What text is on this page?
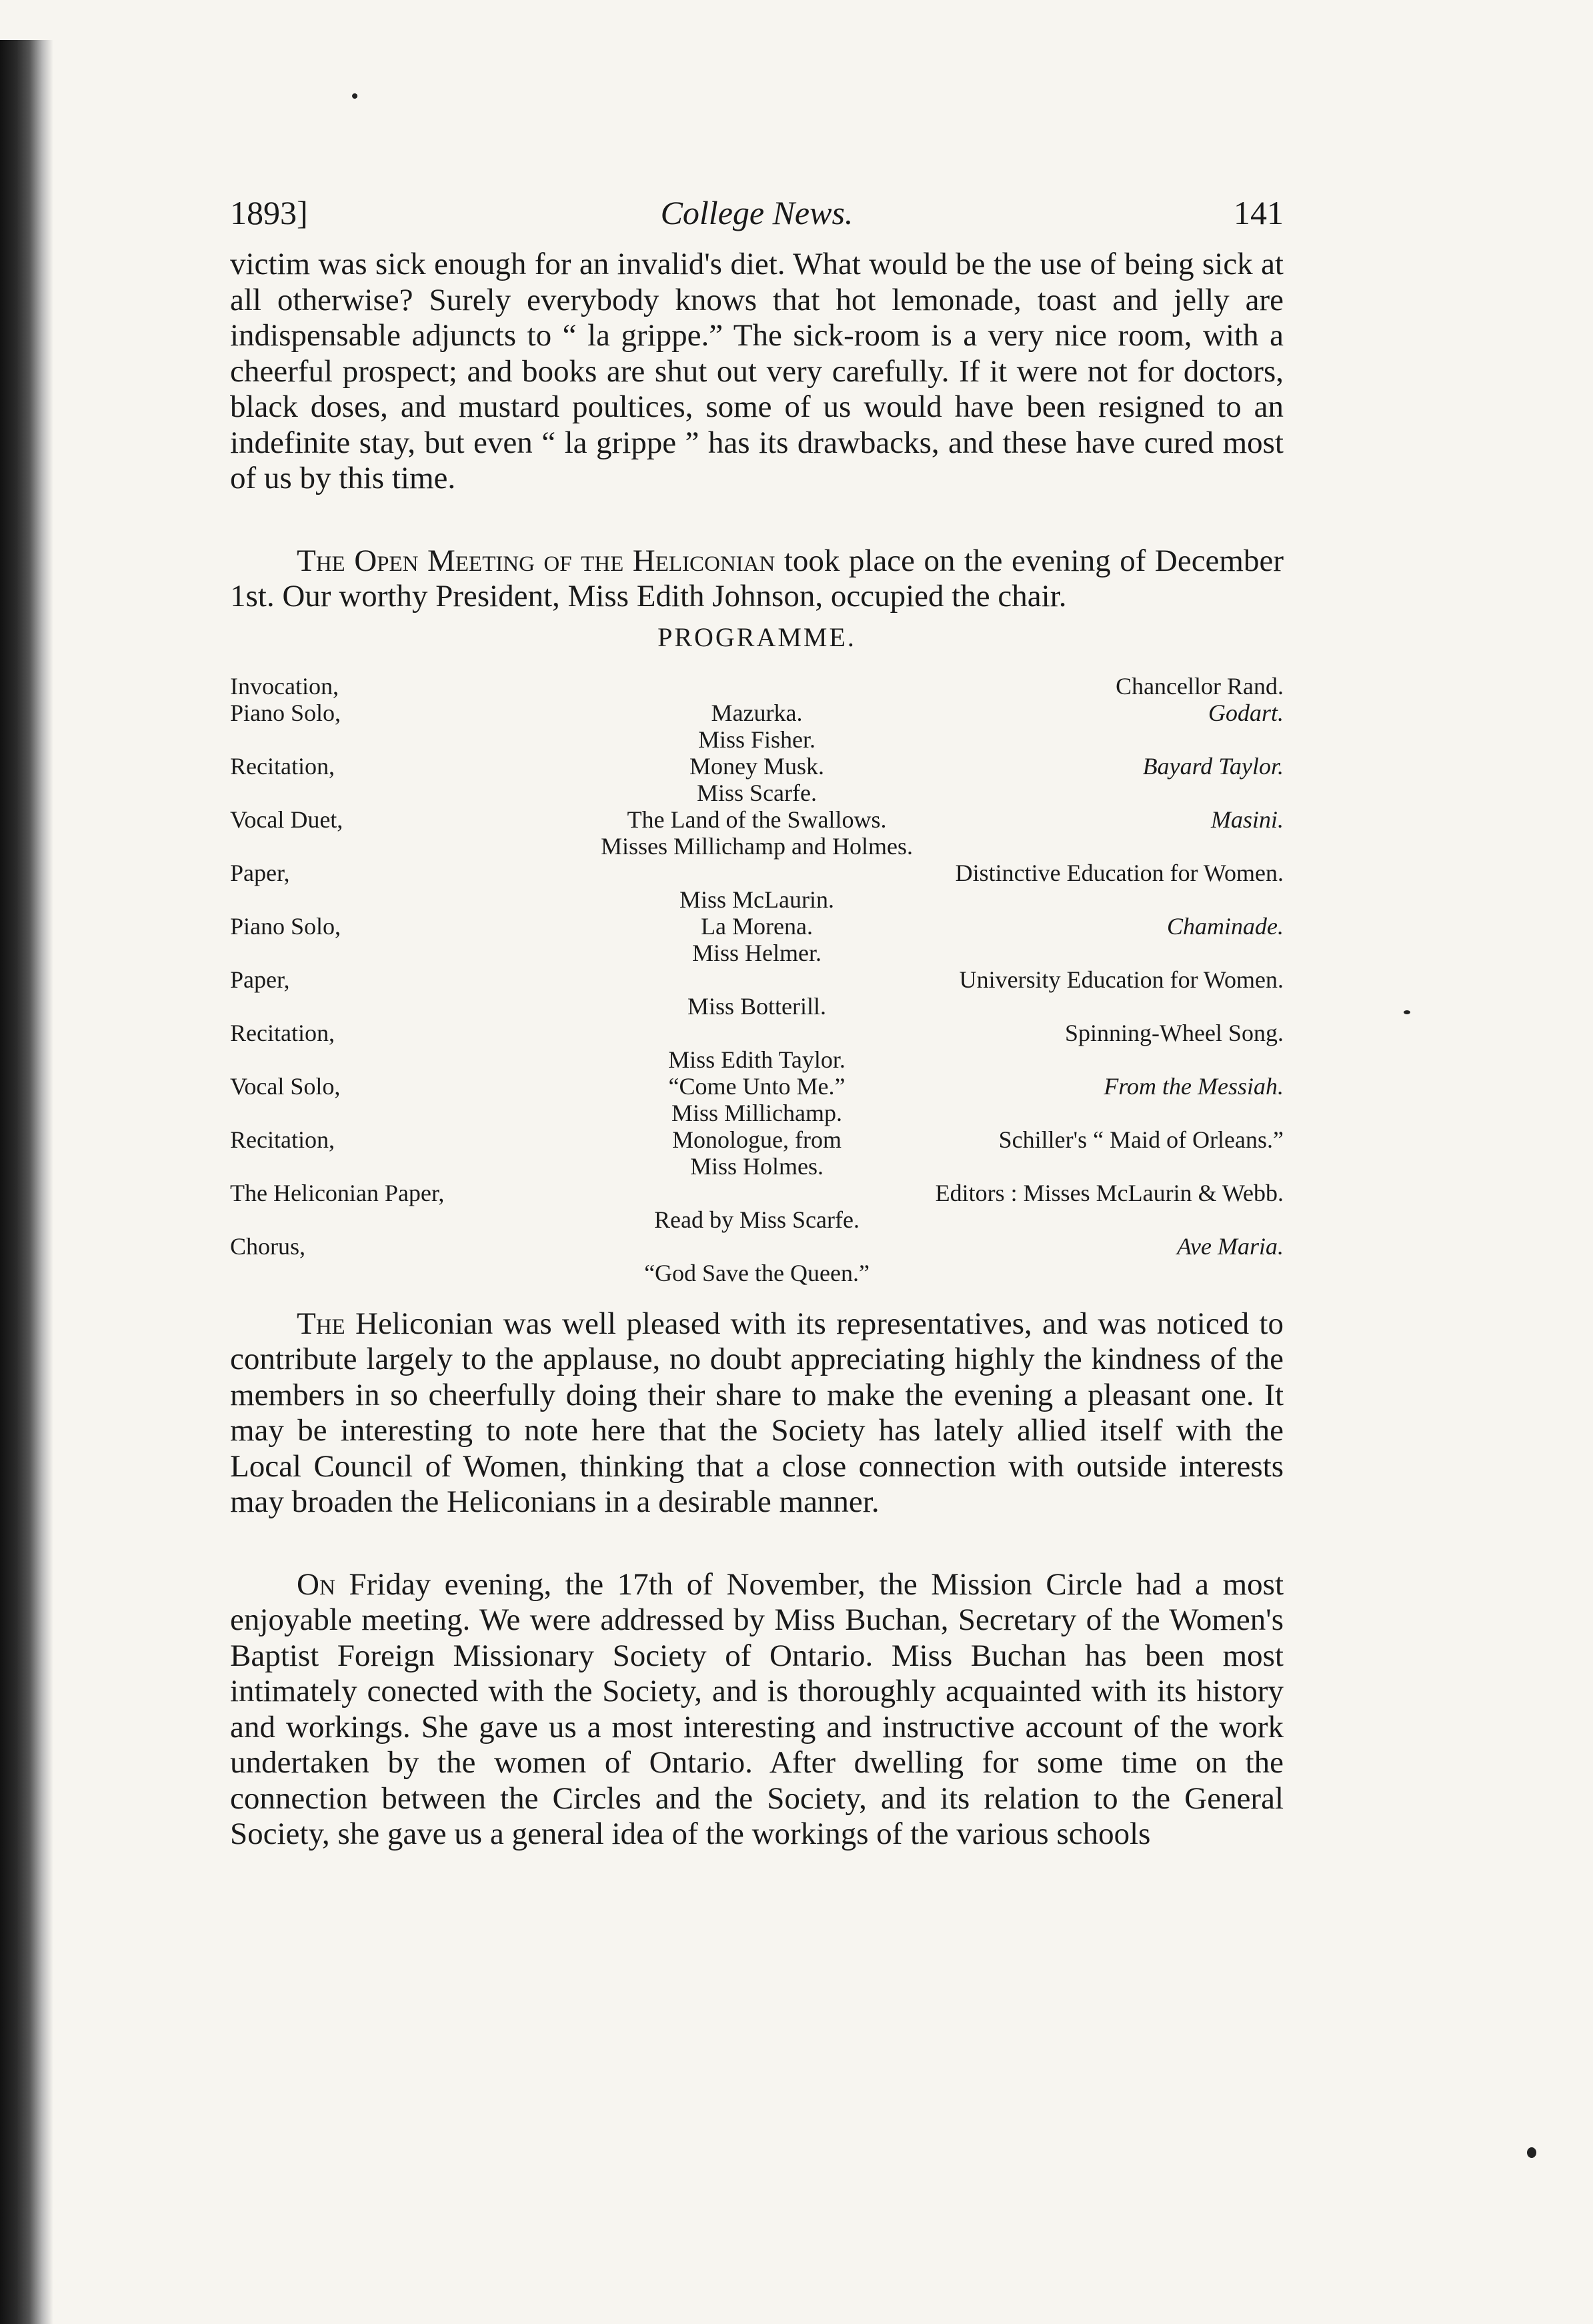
1893]	College News.	141

victim was sick enough for an invalid's diet. What would be the use of being sick at all otherwise? Surely everybody knows that hot lemonade, toast and jelly are indispensable adjuncts to “ la grippe.” The sick-room is a very nice room, with a cheerful prospect; and books are shut out very carefully. If it were not for doctors, black doses, and mustard poultices, some of us would have been resigned to an indefinite stay, but even “ la grippe ” has its drawbacks, and these have cured most of us by this time.

The Open Meeting of the Heliconian took place on the evening of December 1st. Our worthy President, Miss Edith Johnson, occupied the chair.

PROGRAMME.
Invocation,	Chancellor Rand.
Piano Solo,	Mazurka.	Godart.
Miss Fisher.
Recitation,	Money Musk.	Bayard Taylor.
Miss Scarfe.
Vocal Duet,	The Land of the Swallows.	Masini.
Misses Millichamp and Holmes.
Paper,	Distinctive Education for Women.
Miss McLaurin.
Piano Solo,	La Morena.	Chaminade.
Miss Helmer.
Paper,	University Education for Women.
Miss Botterill.
Recitation,	Spinning-Wheel Song.
Miss Edith Taylor.
Vocal Solo,	“Come Unto Me.”	From the Messiah.
Miss Millichamp.
Recitation,	Monologue, from	Schiller's “ Maid of Orleans.”
Miss Holmes.
The Heliconian Paper,	Editors : Misses McLaurin & Webb.
Read by Miss Scarfe.
Chorus,	Ave Maria.
“God Save the Queen.”

The Heliconian was well pleased with its representatives, and was noticed to contribute largely to the applause, no doubt appreciating highly the kindness of the members in so cheerfully doing their share to make the evening a pleasant one. It may be interesting to note here that the Society has lately allied itself with the Local Council of Women, thinking that a close connection with outside interests may broaden the Heliconians in a desirable manner.

On Friday evening, the 17th of November, the Mission Circle had a most enjoyable meeting. We were addressed by Miss Buchan, Secretary of the Women's Baptist Foreign Missionary Society of Ontario. Miss Buchan has been most intimately conected with the Society, and is thoroughly acquainted with its history and workings. She gave us a most interesting and instructive account of the work undertaken by the women of Ontario. After dwelling for some time on the connection between the Circles and the Society, and its relation to the General Society, she gave us a general idea of the workings of the various schools
